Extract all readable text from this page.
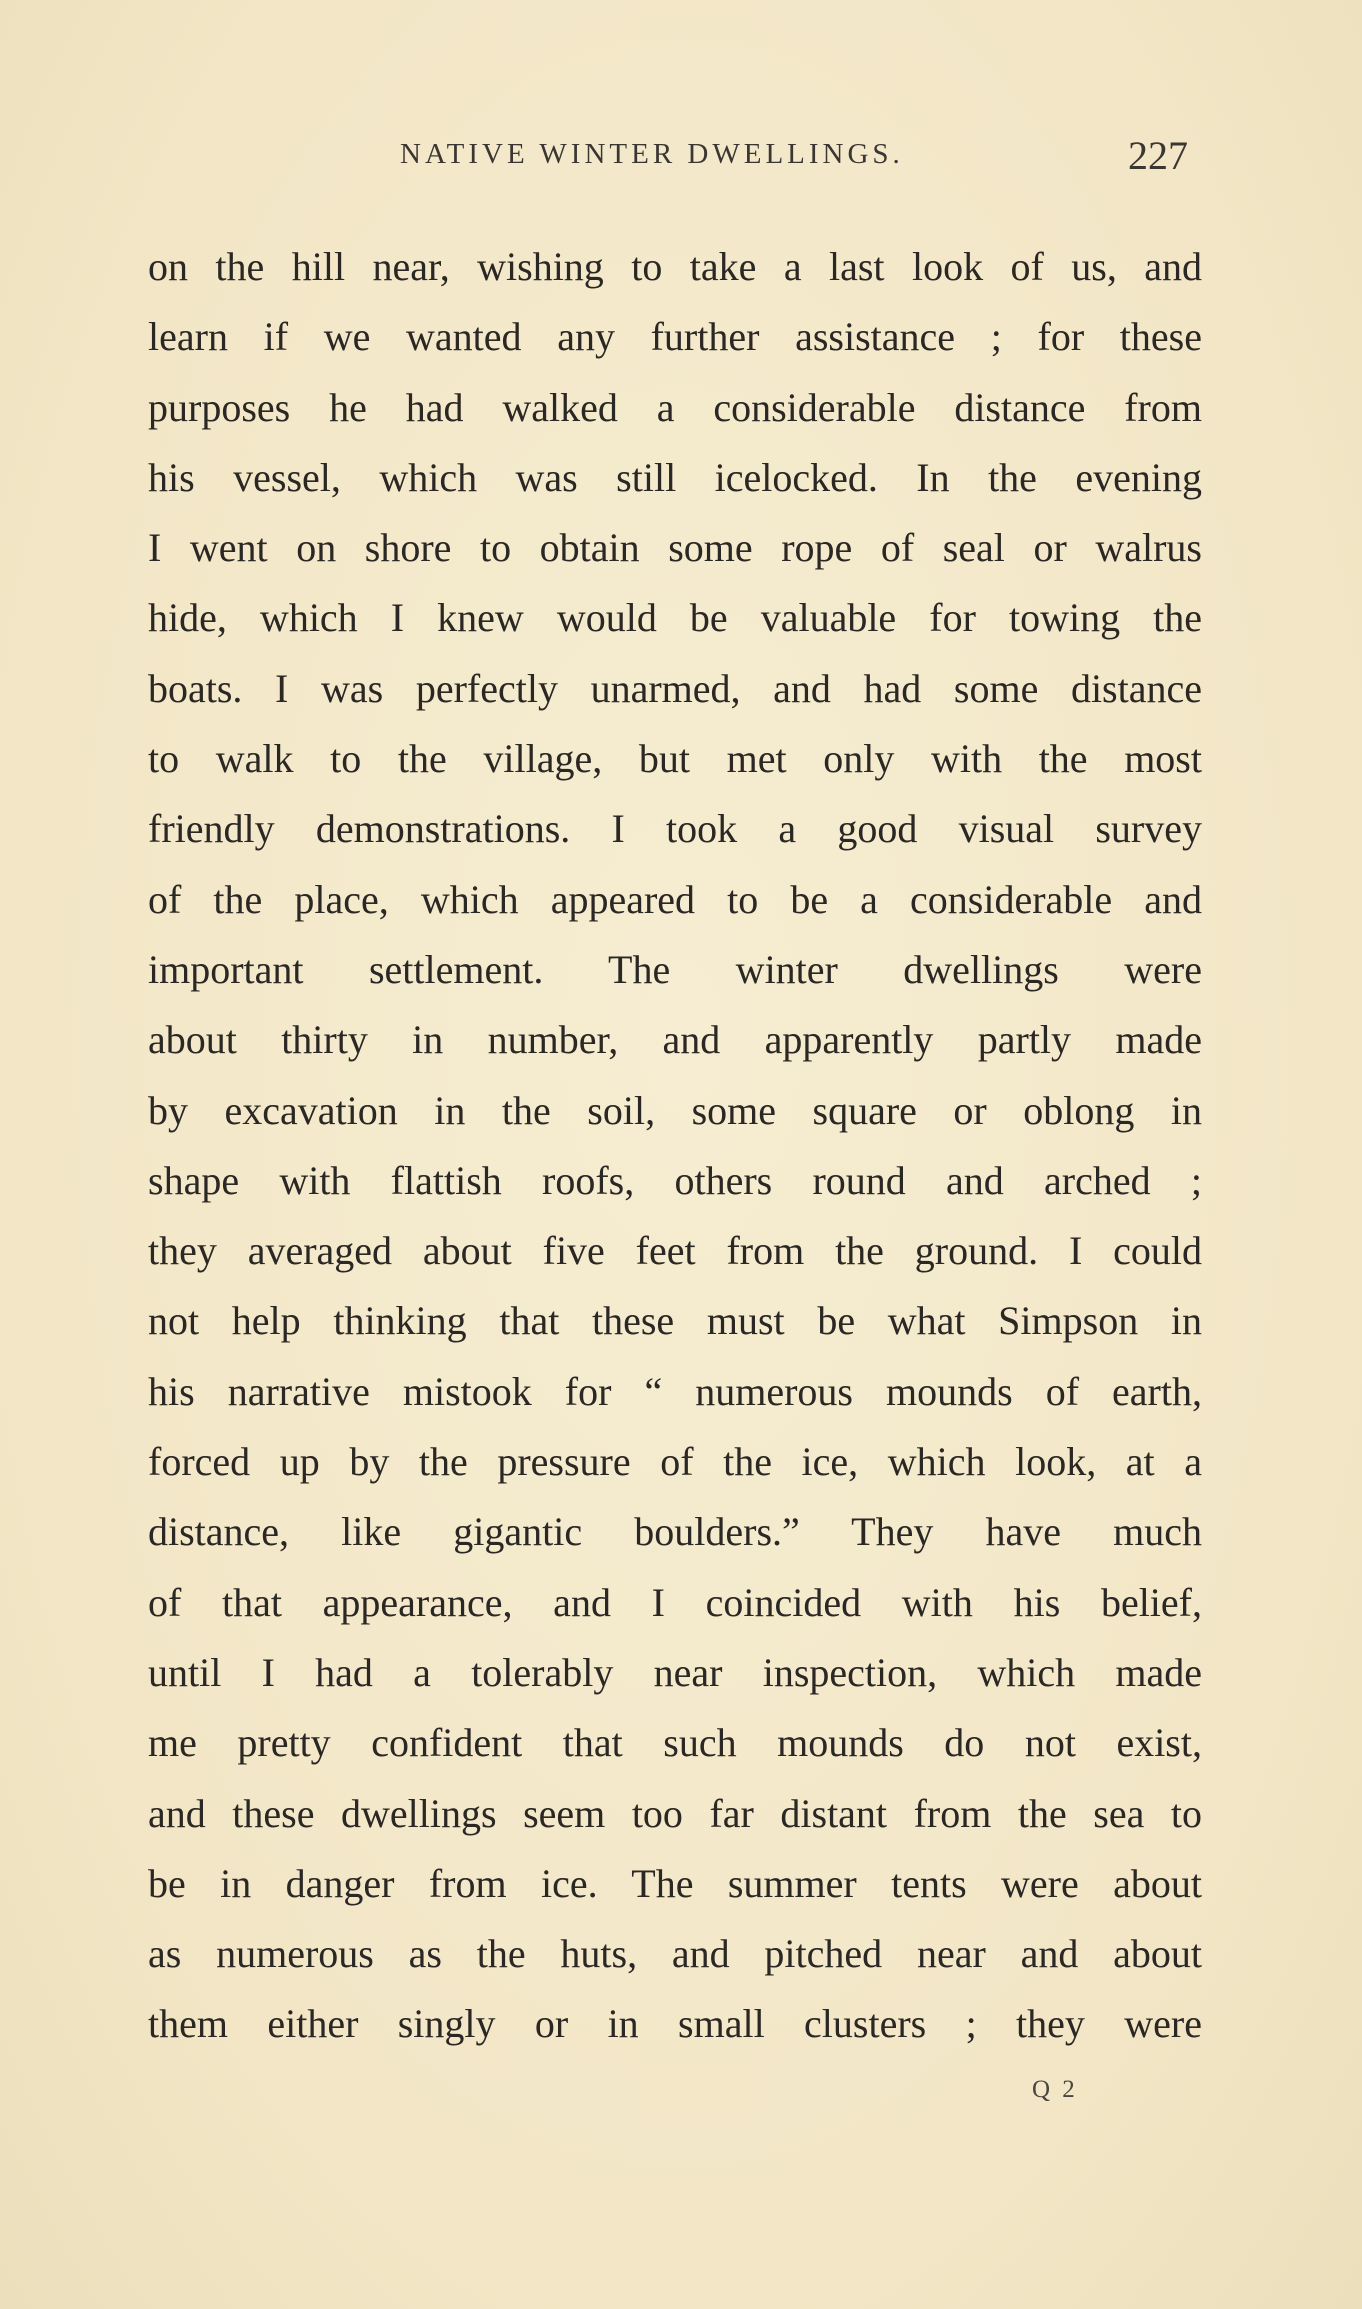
NATIVE WINTER DWELLINGS.	227
on the hill near, wishing to take a last look of us, and
learn if we wanted any further assistance ; for these
purposes he had walked a considerable distance from
his vessel, which was still icelocked. In the evening
I went on shore to obtain some rope of seal or walrus
hide, which I knew would be valuable for towing the
boats. I was perfectly unarmed, and had some distance
to walk to the village, but met only with the most
friendly demonstrations. I took a good visual survey
of the place, which appeared to be a considerable and
important settlement. The winter dwellings were
about thirty in number, and apparently partly made
by excavation in the soil, some square or oblong in
shape with flattish roofs, others round and arched ;
they averaged about five feet from the ground. I could
not help thinking that these must be what Simpson in
his narrative mistook for “ numerous mounds of earth,
forced up by the pressure of the ice, which look, at a
distance, like gigantic boulders.” They have much
of that appearance, and I coincided with his belief,
until I had a tolerably near inspection, which made
me pretty confident that such mounds do not exist,
and these dwellings seem too far distant from the sea to
be in danger from ice. The summer tents were about
as numerous as the huts, and pitched near and about
them either singly or in small clusters ; they were
Q 2
